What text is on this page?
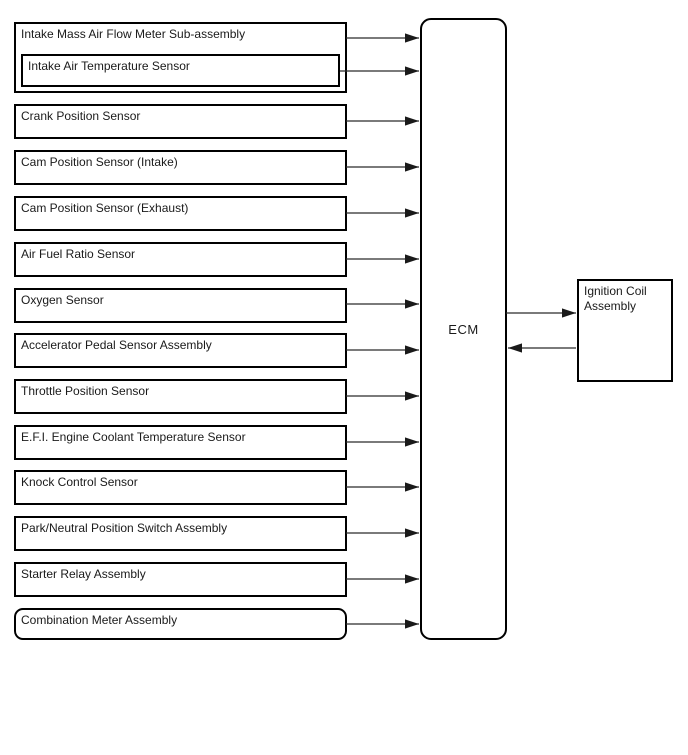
Intake Mass Air Flow Meter Sub-assembly
Intake Air Temperature Sensor
Crank Position Sensor
Cam Position Sensor (Intake)
Cam Position Sensor (Exhaust)
Air Fuel Ratio Sensor
Oxygen Sensor
Accelerator Pedal Sensor Assembly
Throttle Position Sensor
E.F.I. Engine Coolant Temperature Sensor
Knock Control Sensor
Park/Neutral Position Switch Assembly
Starter Relay Assembly
Combination Meter Assembly
ECM
Ignition Coil Assembly
